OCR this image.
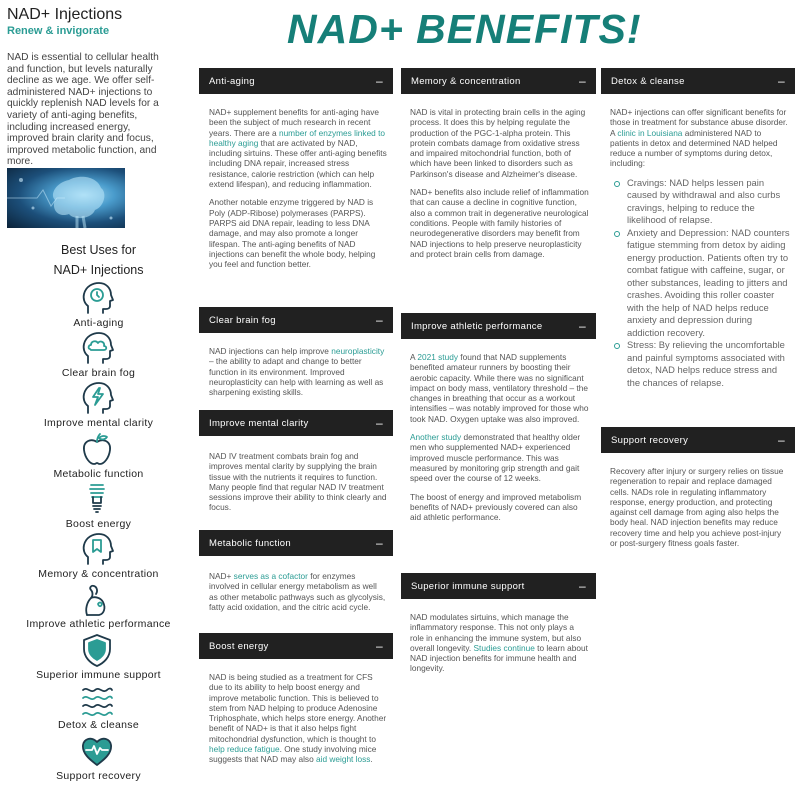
NAD+ Injections
Renew & invigorate
NAD is essential to cellular health and function, but levels naturally decline as we age. We offer self-administered NAD+ injections to quickly replenish NAD levels for a variety of anti-aging benefits, including increased energy, improved brain clarity and focus, improved metabolic function, and more.
Best Uses for
NAD+ Injections
Anti-aging
Clear brain fog
Improve mental clarity
Metabolic function
Boost energy
Memory & concentration
Improve athletic performance
Superior immune support
Detox & cleanse
Support recovery
NAD+ BENEFITS!
Anti-aging	–

NAD+ supplement benefits for anti-aging have been the subject of much research in recent years. There are a number of enzymes linked to healthy aging that are activated by NAD, including sirtuins. These offer anti-aging benefits including DNA repair, increased stress resistance, calorie restriction (which can help extend lifespan), and reducing inflammation.

Another notable enzyme triggered by NAD is Poly (ADP-Ribose) polymerases (PARPS). PARPS aid DNA repair, leading to less DNA damage, and may also promote a longer lifespan. The anti-aging benefits of NAD injections can benefit the whole body, helping you feel and function better.

Clear brain fog	–

NAD injections can help improve neuroplasticity – the ability to adapt and change to better function in its environment. Improved neuroplasticity can help with learning as well as sharpening existing skills.

Improve mental clarity	–

NAD IV treatment combats brain fog and improves mental clarity by supplying the brain tissue with the nutrients it requires to function. Many people find that regular NAD IV treatment sessions improve their ability to think clearly and focus.

Metabolic function	–

NAD+ serves as a cofactor for enzymes involved in cellular energy metabolism as well as other metabolic pathways such as glycolysis, fatty acid oxidation, and the citric acid cycle.

Boost energy	–

NAD is being studied as a treatment for CFS due to its ability to help boost energy and improve metabolic function. This is believed to stem from NAD helping to produce Adenosine Triphosphate, which helps store energy. Another benefit of NAD+ is that it also helps fight mitochondrial dysfunction, which is thought to help reduce fatigue. One study involving mice suggests that NAD may also aid weight loss.

Memory & concentration	–

NAD is vital in protecting brain cells in the aging process. It does this by helping regulate the production of the PGC-1-alpha protein. This protein combats damage from oxidative stress and impaired mitochondrial function, both of which have been linked to disorders such as Parkinson's disease and Alzheimer's disease.

NAD+ benefits also include relief of inflammation that can cause a decline in cognitive function, also a common trait in degenerative neurological conditions. People with family histories of neurodegenerative disorders may benefit from NAD injections to help preserve neuroplasticity and protect brain cells from damage.

Improve athletic performance	–

A 2021 study found that NAD supplements benefited amateur runners by boosting their aerobic capacity. While there was no significant impact on body mass, ventilatory threshold – the changes in breathing that occur as a workout intensifies – was notably improved for those who took NAD. Oxygen uptake was also improved.

Another study demonstrated that healthy older men who supplemented NAD+ experienced improved muscle performance. This was measured by monitoring grip strength and gait speed over the course of 12 weeks.

The boost of energy and improved metabolism benefits of NAD+ previously covered can also aid athletic performance.

Superior immune support	–

NAD modulates sirtuins, which manage the inflammatory response. This not only plays a role in enhancing the immune system, but also overall longevity. Studies continue to learn about NAD injection benefits for immune health and longevity.

Detox & cleanse	–

NAD+ injections can offer significant benefits for those in treatment for substance abuse disorder. A clinic in Louisiana administered NAD to patients in detox and determined NAD helped reduce a number of symptoms during detox, including:

Cravings: NAD helps lessen pain caused by withdrawal and also curbs cravings, helping to reduce the likelihood of relapse.
Anxiety and Depression: NAD counters fatigue stemming from detox by aiding energy production. Patients often try to combat fatigue with caffeine, sugar, or other substances, leading to jitters and crashes. Avoiding this roller coaster with the help of NAD helps reduce anxiety and depression during addiction recovery.
Stress: By relieving the uncomfortable and painful symptoms associated with detox, NAD helps reduce stress and the chances of relapse.
Support recovery	–

Recovery after injury or surgery relies on tissue regeneration to repair and replace damaged cells. NADs role in regulating inflammatory response, energy production, and protecting against cell damage from aging also helps the body heal. NAD injection benefits may reduce recovery time and help you achieve post-injury or post-surgery fitness goals faster.
